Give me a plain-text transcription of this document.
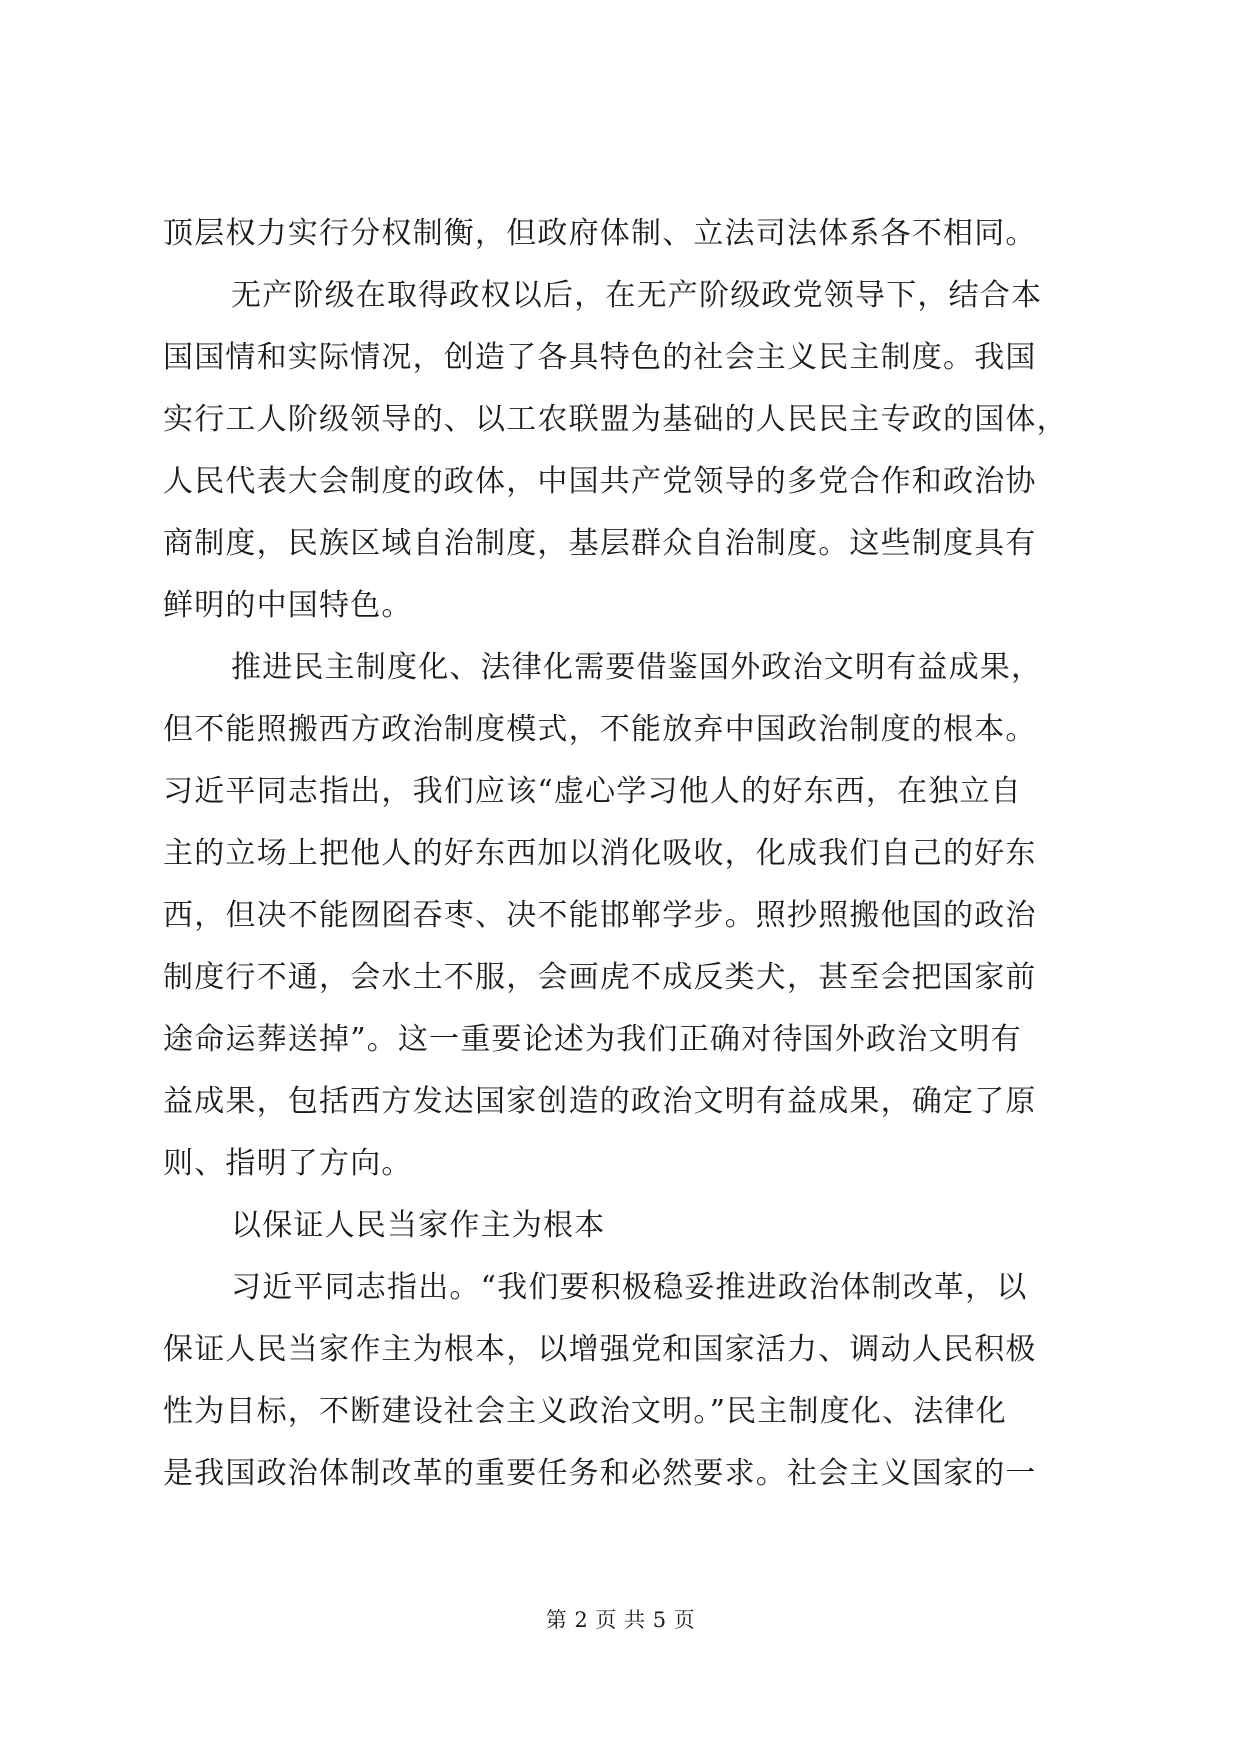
顶层权力实行分权制衡，但政府体制、立法司法体系各不相同。
无产阶级在取得政权以后，在无产阶级政党领导下，结合本
国国情和实际情况，创造了各具特色的社会主义民主制度。我国
实行工人阶级领导的、以工农联盟为基础的人民民主专政的国体，
人民代表大会制度的政体，中国共产党领导的多党合作和政治协
商制度，民族区域自治制度，基层群众自治制度。这些制度具有
鲜明的中国特色。
推进民主制度化、法律化需要借鉴国外政治文明有益成果，
但不能照搬西方政治制度模式，不能放弃中国政治制度的根本。
习近平同志指出，我们应该“虚心学习他人的好东西，在独立自
主的立场上把他人的好东西加以消化吸收，化成我们自己的好东
西，但决不能囫囵吞枣、决不能邯郸学步。照抄照搬他国的政治
制度行不通，会水土不服，会画虎不成反类犬，甚至会把国家前
途命运葬送掉”。这一重要论述为我们正确对待国外政治文明有
益成果，包括西方发达国家创造的政治文明有益成果，确定了原
则、指明了方向。
以保证人民当家作主为根本
习近平同志指出。“我们要积极稳妥推进政治体制改革，以
保证人民当家作主为根本，以增强党和国家活力、调动人民积极
性为目标，不断建设社会主义政治文明。”民主制度化、法律化
是我国政治体制改革的重要任务和必然要求。社会主义国家的一
第 2 页 共 5 页
